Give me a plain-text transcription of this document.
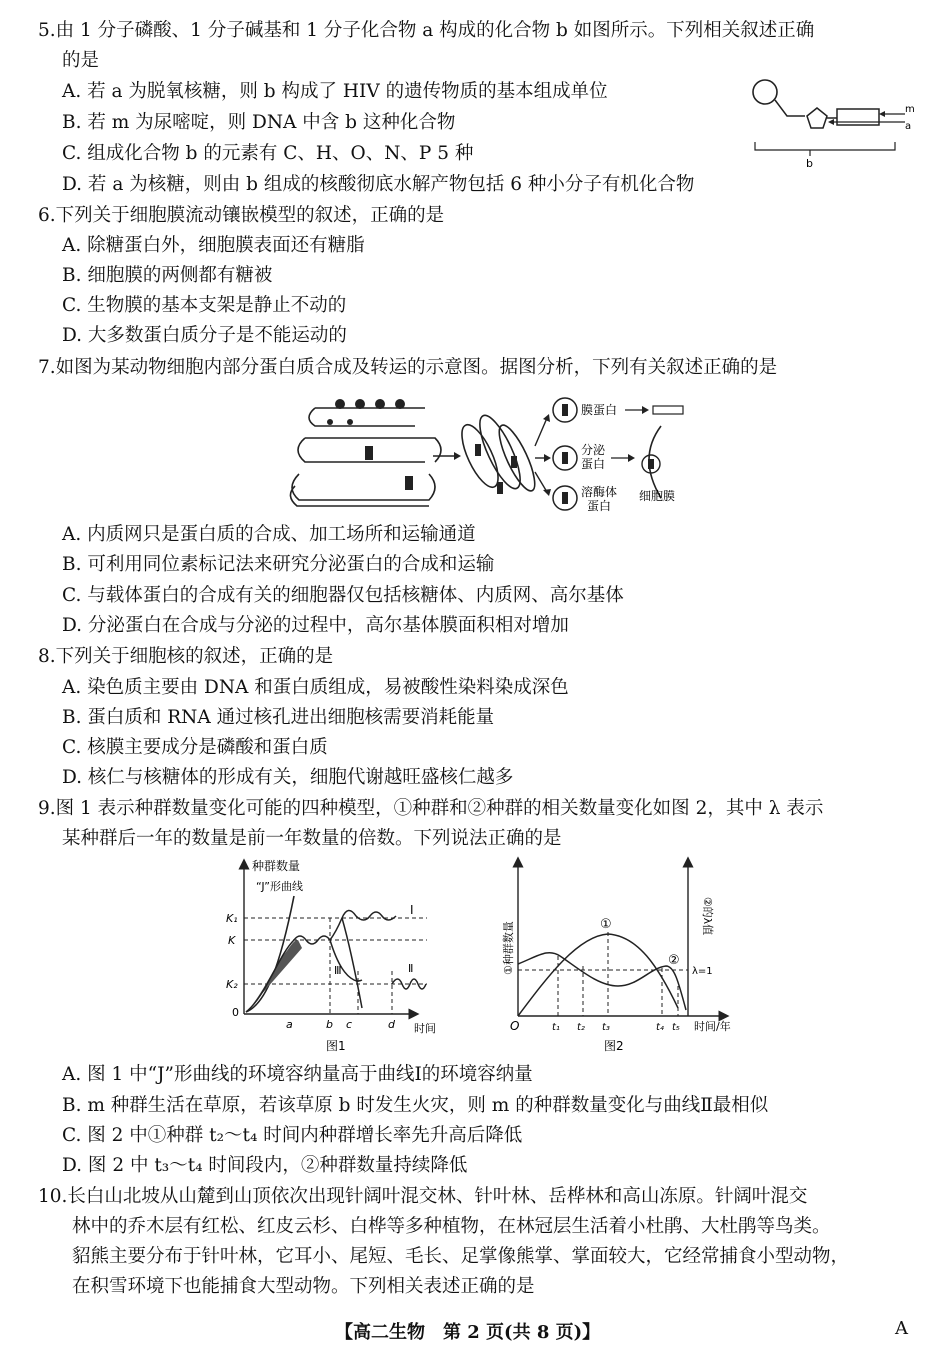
5.由 1 分子磷酸、1 分子碱基和 1 分子化合物 a 构成的化合物 b 如图所示。下列相关叙述正确
的是
A. 若 a 为脱氧核糖，则 b 构成了 HIV 的遗传物质的基本组成单位
B. 若 m 为尿嘧啶，则 DNA 中含 b 这种化合物
C. 组成化合物 b 的元素有 C、H、O、N、P 5 种
D. 若 a 为核糖，则由 b 组成的核酸彻底水解产物包括 6 种小分子有机化合物
m
a
b
6.下列关于细胞膜流动镶嵌模型的叙述，正确的是
A. 除糖蛋白外，细胞膜表面还有糖脂
B. 细胞膜的两侧都有糖被
C. 生物膜的基本支架是静止不动的
D. 大多数蛋白质分子是不能运动的
7.如图为某动物细胞内部分蛋白质合成及转运的示意图。据图分析，下列有关叙述正确的是
膜蛋白
分泌
蛋白
溶酶体
蛋白
细胞膜
A. 内质网只是蛋白质的合成、加工场所和运输通道
B. 可利用同位素标记法来研究分泌蛋白的合成和运输
C. 与载体蛋白的合成有关的细胞器仅包括核糖体、内质网、高尔基体
D. 分泌蛋白在合成与分泌的过程中，高尔基体膜面积相对增加
8.下列关于细胞核的叙述，正确的是
A. 染色质主要由 DNA 和蛋白质组成，易被酸性染料染成深色
B. 蛋白质和 RNA 通过核孔进出细胞核需要消耗能量
C. 核膜主要成分是磷酸和蛋白质
D. 核仁与核糖体的形成有关，细胞代谢越旺盛核仁越多
9.图 1 表示种群数量变化可能的四种模型，①种群和②种群的相关数量变化如图 2，其中 λ 表示
某种群后一年的数量是前一年数量的倍数。下列说法正确的是
种群数量
“J”形曲线
K₁
K
K₂
0
Ⅰ
Ⅲ	Ⅱ
a	b c	d 时间
图1
①种群数量
②的λ值
①
②
λ=1
O	t₁ t₂ t₃	t₄ t₅ 时间/年
图2
A. 图 1 中“J”形曲线的环境容纳量高于曲线Ⅰ的环境容纳量
B. m 种群生活在草原，若该草原 b 时发生火灾，则 m 的种群数量变化与曲线Ⅱ最相似
C. 图 2 中①种群 t₂～t₄ 时间内种群增长率先升高后降低
D. 图 2 中 t₃～t₄ 时间段内，②种群数量持续降低
10.长白山北坡从山麓到山顶依次出现针阔叶混交林、针叶林、岳桦林和高山冻原。针阔叶混交
林中的乔木层有红松、红皮云杉、白桦等多种植物，在林冠层生活着小杜鹃、大杜鹃等鸟类。
貂熊主要分布于针叶林，它耳小、尾短、毛长、足掌像熊掌、掌面较大，它经常捕食小型动物，
在积雪环境下也能捕食大型动物。下列相关表述正确的是
【高二生物　第 2 页(共 8 页)】	A
